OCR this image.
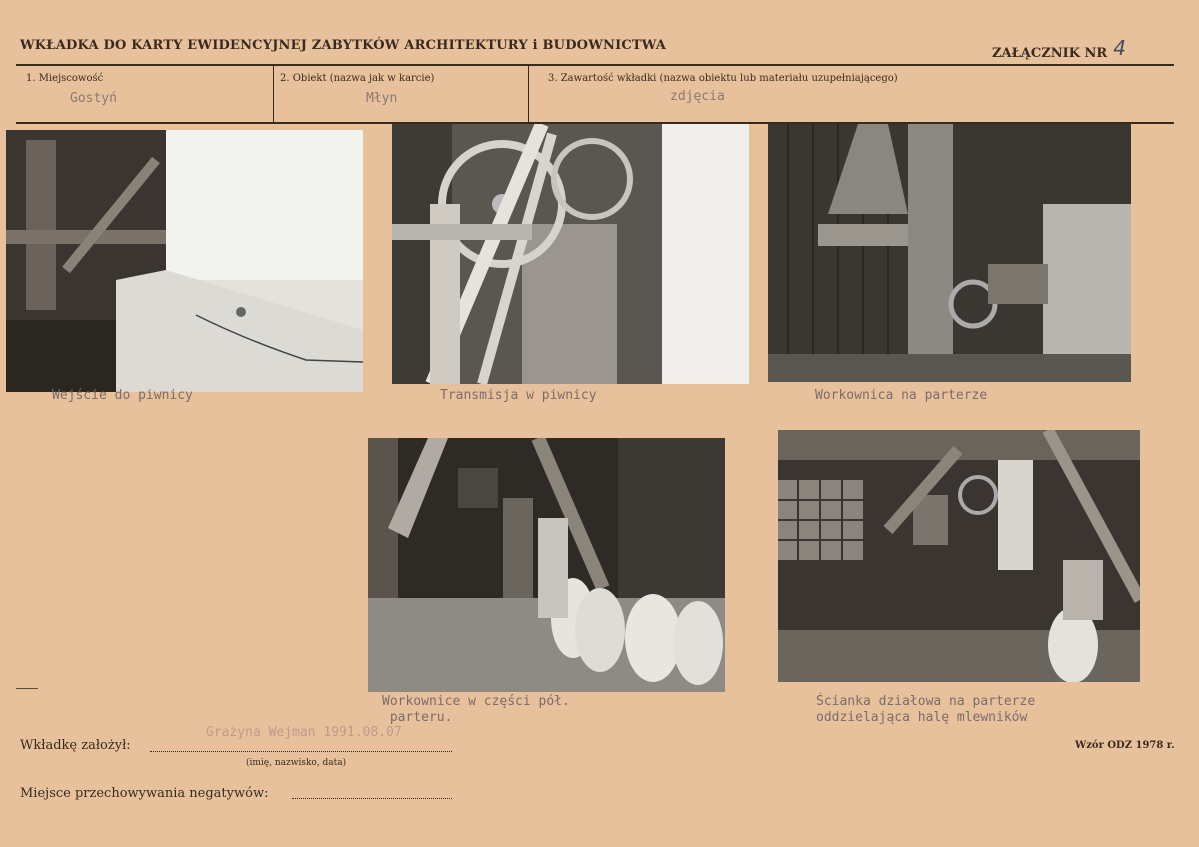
WKŁADKA DO KARTY EWIDENCYJNEJ ZABYTKÓW ARCHITEKTURY i BUDOWNICTWA
ZAŁĄCZNIK NR 4
1. Miejscowość
Gostyń
2. Obiekt (nazwa jak w karcie)
Młyn
3. Zawartość wkładki (nazwa obiektu lub materiału uzupełniającego)
zdjęcia
Wejście do piwnicy	Transmisja w piwnicy	Workownica na parterze
Workownice w części pół.
parteru.
Ścianka działowa na parterze
oddzielająca halę mlewników
Wkładkę założył:
Grażyna Wejman 1991.08.07
(imię, nazwisko, data)
Wzór ODZ 1978 r.
Miejsce przechowywania negatywów:
